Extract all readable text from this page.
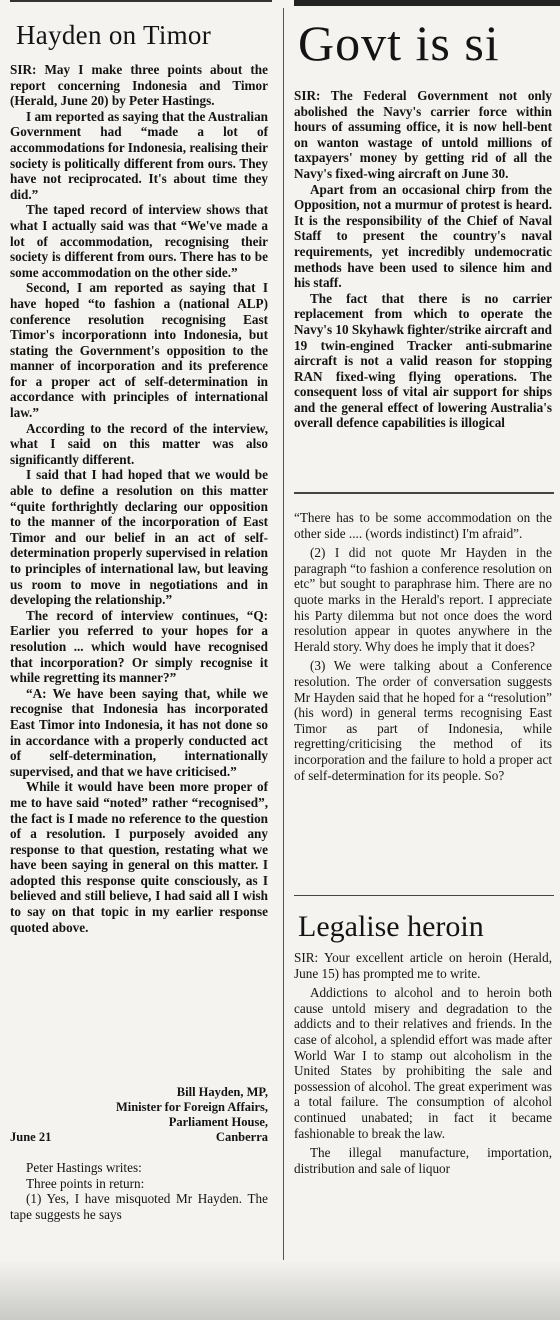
Hayden on Timor

SIR: May I make three points about the report concerning Indonesia and Timor (Herald, June 20) by Peter Hastings.

I am reported as saying that the Australian Government had “made a lot of accommodations for Indonesia, realising their society is politically different from ours. They have not reciprocated. It's about time they did.”

The taped record of interview shows that what I actually said was that “We've made a lot of accommodation, recognising their society is different from ours. There has to be some accommodation on the other side.”

Second, I am reported as saying that I have hoped “to fashion a (national ALP) conference resolution recognising East Timor's incorporationn into Indonesia, but stating the Government's opposition to the manner of incorporation and its preference for a proper act of self-determination in accordance with principles of international law.”

According to the record of the interview, what I said on this matter was also significantly different.

I said that I had hoped that we would be able to define a resolution on this matter “quite forthrightly declaring our opposition to the manner of the incorporation of East Timor and our belief in an act of self-determination properly supervised in relation to principles of international law, but leaving us room to move in negotiations and in developing the relationship.”

The record of interview continues, “Q: Earlier you referred to your hopes for a resolution ... which would have recognised that incorporation? Or simply recognise it while regretting its manner?”

“A: We have been saying that, while we recognise that Indonesia has incorporated East Timor into Indonesia, it has not done so in accordance with a properly conducted act of self-determination, internationally supervised, and that we have criticised.”

While it would have been more proper of me to have said “noted” rather “recognised”, the fact is I made no reference to the question of a resolution. I purposely avoided any response to that question, restating what we have been saying in general on this matter. I adopted this response quite consciously, as I believed and still believe, I had said all I wish to say on that topic in my earlier response quoted above.

Bill Hayden, MP,
Minister for Foreign Affairs,
Parliament House,
June 21	Canberra

Peter Hastings writes:

Three points in return:

(1) Yes, I have misquoted Mr Hayden. The tape suggests he says

Govt is si

SIR: The Federal Government not only abolished the Navy's carrier force within hours of assuming office, it is now hell-bent on wanton wastage of untold millions of taxpayers' money by getting rid of all the Navy's fixed-wing aircraft on June 30.

Apart from an occasional chirp from the Opposition, not a murmur of protest is heard. It is the responsibility of the Chief of Naval Staff to present the country's naval requirements, yet incredibly undemocratic methods have been used to silence him and his staff.

The fact that there is no carrier replacement from which to operate the Navy's 10 Skyhawk fighter/strike aircraft and 19 twin-engined Tracker anti-submarine aircraft is not a valid reason for stopping RAN fixed-wing flying operations. The consequent loss of vital air support for ships and the general effect of lowering Australia's overall defence capabilities is illogical

“There has to be some accommodation on the other side .... (words indistinct) I'm afraid”.

(2) I did not quote Mr Hayden in the paragraph “to fashion a conference resolution on etc” but sought to paraphrase him. There are no quote marks in the Herald's report. I appreciate his Party dilemma but not once does the word resolution appear in quotes anywhere in the Herald story. Why does he imply that it does?

(3) We were talking about a Conference resolution. The order of conversation suggests Mr Hayden said that he hoped for a “resolution” (his word) in general terms recognising East Timor as part of Indonesia, while regretting/criticising the method of its incorporation and the failure to hold a proper act of self-determination for its people. So?

Legalise heroin

SIR: Your excellent article on heroin (Herald, June 15) has prompted me to write.

Addictions to alcohol and to heroin both cause untold misery and degradation to the addicts and to their relatives and friends. In the case of alcohol, a splendid effort was made after World War I to stamp out alcoholism in the United States by prohibiting the sale and possession of alcohol. The great experiment was a total failure. The consumption of alcohol continued unabated; in fact it became fashionable to break the law.

The illegal manufacture, importation, distribution and sale of liquor
